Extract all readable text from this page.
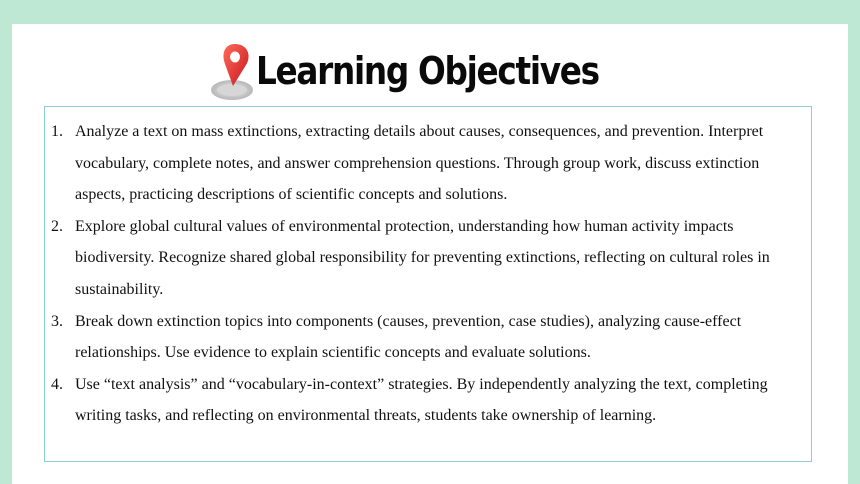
Learning Objectives
1. Analyze a text on mass extinctions, extracting details about causes, consequences, and prevention. Interpret vocabulary, complete notes, and answer comprehension questions. Through group work, discuss extinction aspects, practicing descriptions of scientific concepts and solutions.
2. Explore global cultural values of environmental protection, understanding how human activity impacts biodiversity. Recognize shared global responsibility for preventing extinctions, reflecting on cultural roles in sustainability.
3. Break down extinction topics into components (causes, prevention, case studies), analyzing cause-effect relationships. Use evidence to explain scientific concepts and evaluate solutions.
4. Use “text analysis” and “vocabulary-in-context” strategies. By independently analyzing the text, completing writing tasks, and reflecting on environmental threats, students take ownership of learning.
